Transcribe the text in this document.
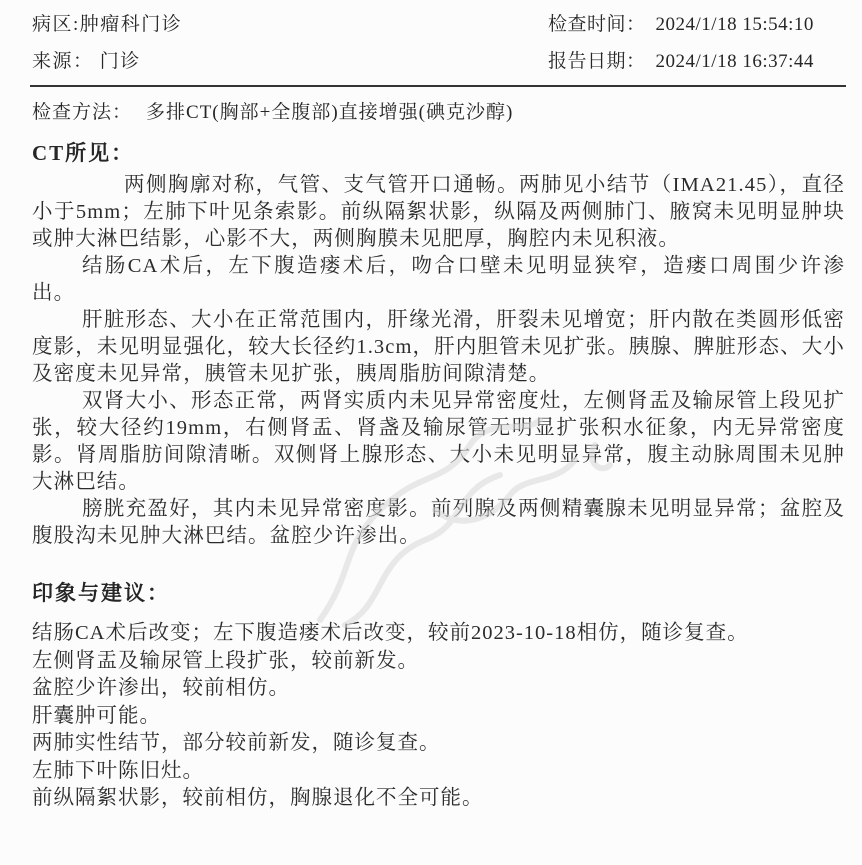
病区:肿瘤科门诊	检查时间： 2024/1/18 15:54:10
来源： 门诊	报告日期： 2024/1/18 16:37:44
检查方法： 多排CT(胸部+全腹部)直接增强(碘克沙醇)
CT所见：

两侧胸廓对称，气管、支气管开口通畅。两肺见小结节（IMA21.45），直径小于5mm；左肺下叶见条索影。前纵隔絮状影，纵隔及两侧肺门、腋窝未见明显肿块或肿大淋巴结影，心影不大，两侧胸膜未见肥厚，胸腔内未见积液。

结肠CA术后，左下腹造瘘术后，吻合口壁未见明显狭窄，造瘘口周围少许渗出。

肝脏形态、大小在正常范围内，肝缘光滑，肝裂未见增宽；肝内散在类圆形低密度影，未见明显强化，较大长径约1.3cm，肝内胆管未见扩张。胰腺、脾脏形态、大小及密度未见异常，胰管未见扩张，胰周脂肪间隙清楚。

双肾大小、形态正常，两肾实质内未见异常密度灶，左侧肾盂及输尿管上段见扩张，较大径约19mm，右侧肾盂、肾盏及输尿管无明显扩张积水征象，内无异常密度影。肾周脂肪间隙清晰。双侧肾上腺形态、大小未见明显异常，腹主动脉周围未见肿大淋巴结。

膀胱充盈好，其内未见异常密度影。前列腺及两侧精囊腺未见明显异常；盆腔及腹股沟未见肿大淋巴结。盆腔少许渗出。

印象与建议：

结肠CA术后改变；左下腹造瘘术后改变，较前2023-10-18相仿，随诊复查。

左侧肾盂及输尿管上段扩张，较前新发。

盆腔少许渗出，较前相仿。

肝囊肿可能。

两肺实性结节，部分较前新发，随诊复查。

左肺下叶陈旧灶。

前纵隔絮状影，较前相仿，胸腺退化不全可能。
